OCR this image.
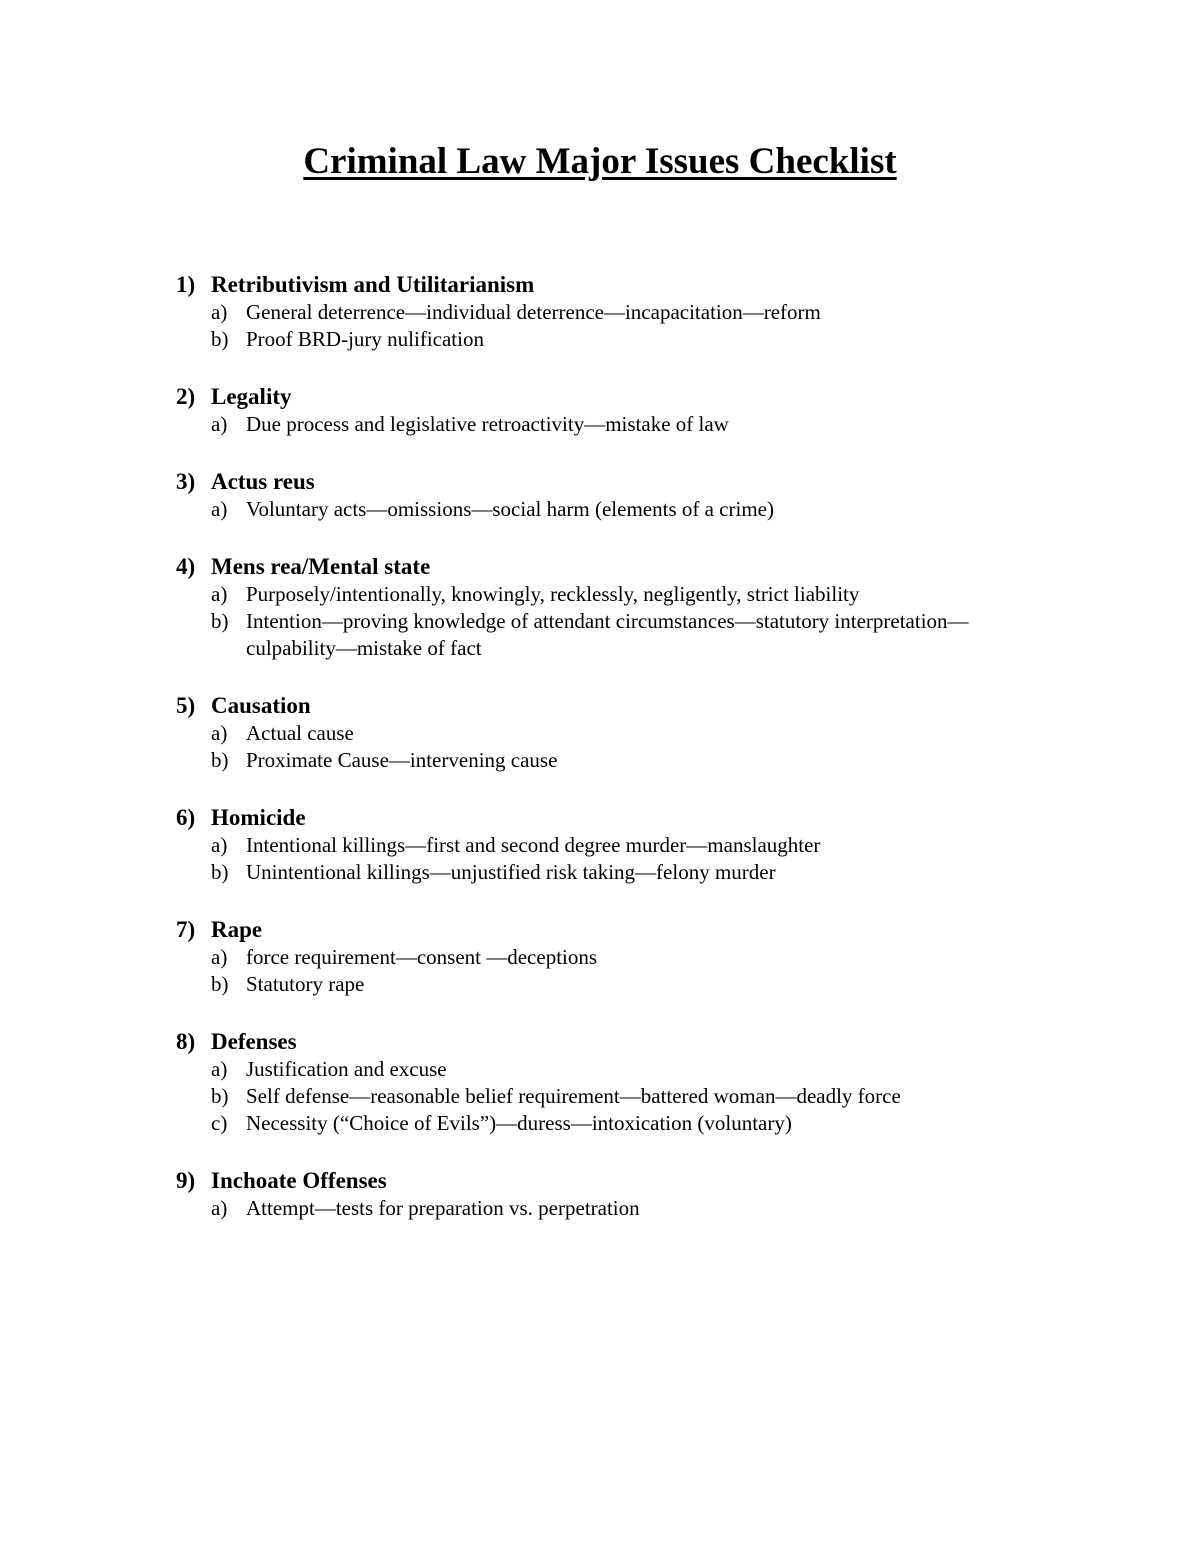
Criminal Law Major Issues Checklist
1) Retributivism and Utilitarianism
a) General deterrence—individual deterrence—incapacitation—reform
b) Proof BRD-jury nulification
2) Legality
a) Due process and legislative retroactivity—mistake of law
3) Actus reus
a) Voluntary acts—omissions—social harm (elements of a crime)
4) Mens rea/Mental state
a) Purposely/intentionally, knowingly, recklessly, negligently, strict liability
b) Intention—proving knowledge of attendant circumstances—statutory interpretation—culpability—mistake of fact
5) Causation
a) Actual cause
b) Proximate Cause—intervening cause
6) Homicide
a) Intentional killings—first and second degree murder—manslaughter
b) Unintentional killings—unjustified risk taking—felony murder
7) Rape
a) force requirement—consent —deceptions
b) Statutory rape
8) Defenses
a) Justification and excuse
b) Self defense—reasonable belief requirement—battered woman—deadly force
c) Necessity (“Choice of Evils”)—duress—intoxication (voluntary)
9) Inchoate Offenses
a) Attempt—tests for preparation vs. perpetration
